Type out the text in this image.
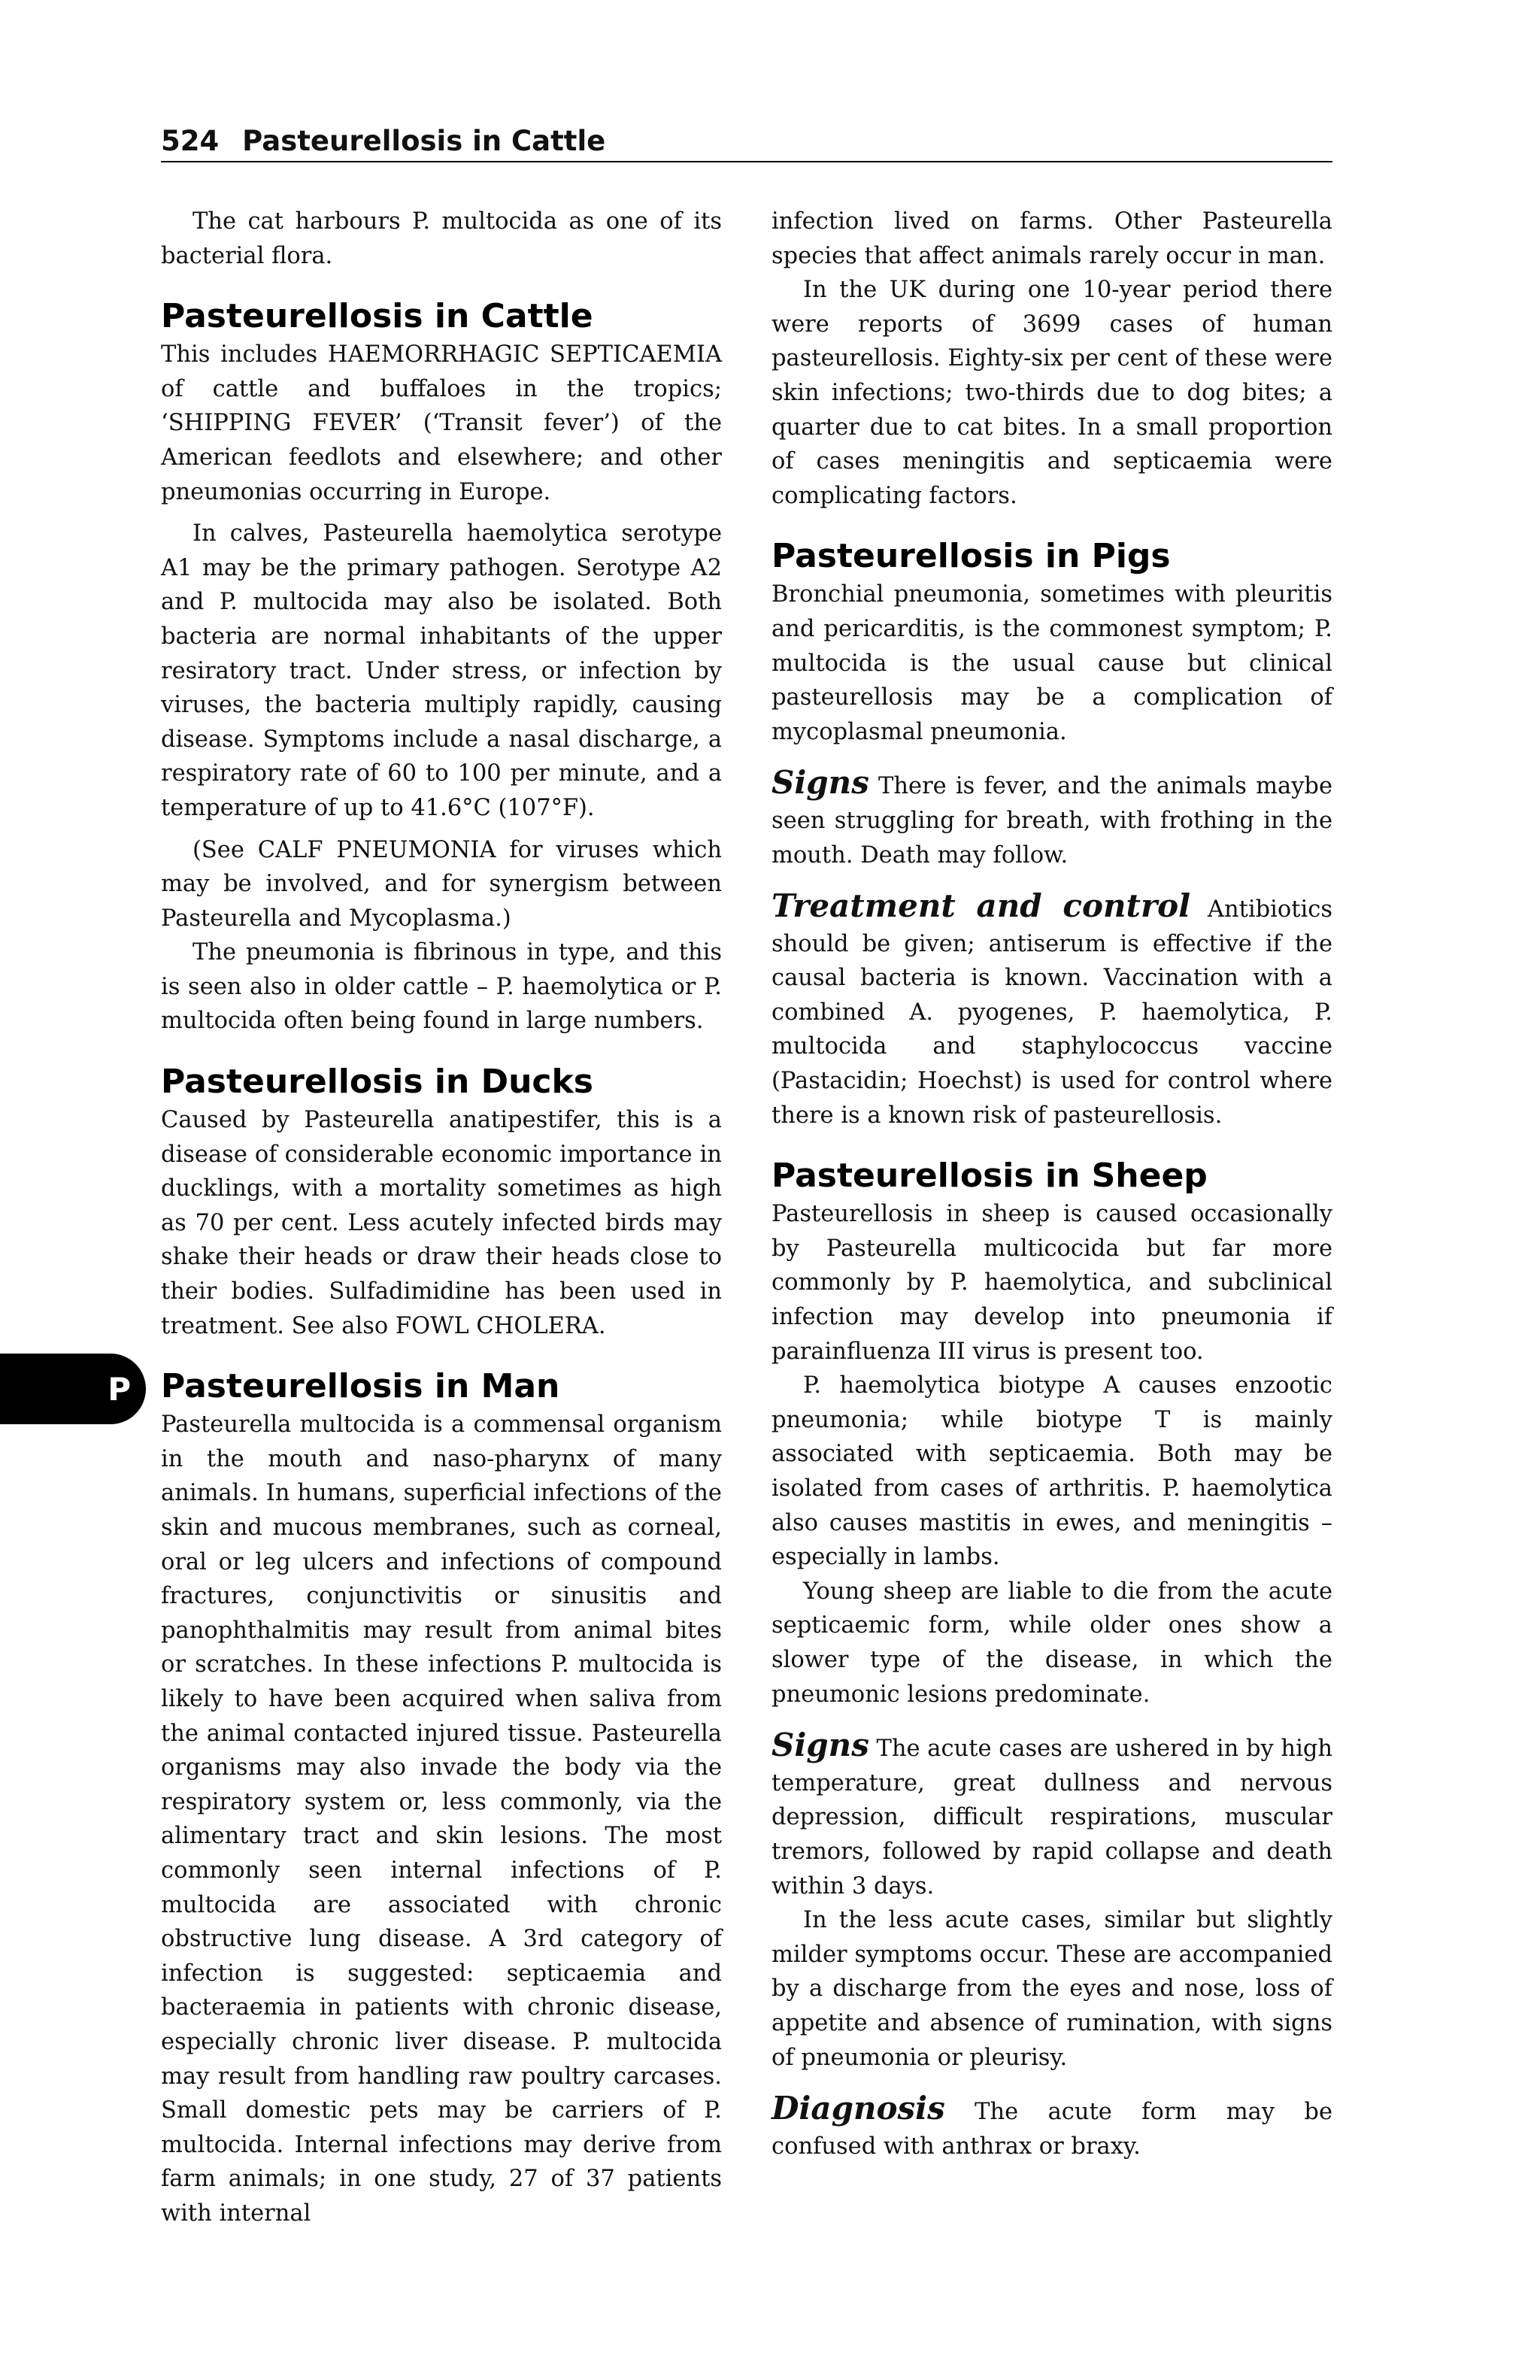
524 Pasteurellosis in Cattle
P

The cat harbours P. multocida as one of its bacterial flora.

Pasteurellosis in Cattle

This includes HAEMORRHAGIC SEPTICAEMIA of cattle and buffaloes in the tropics; ‘SHIPPING FEVER’ (‘Transit fever’) of the American feedlots and elsewhere; and other pneumonias occurring in Europe.

In calves, Pasteurella haemolytica serotype A1 may be the primary pathogen. Serotype A2 and P. multocida may also be isolated. Both bacteria are normal inhabitants of the upper resiratory tract. Under stress, or infection by viruses, the bacteria multiply rapidly, causing disease. Symptoms include a nasal discharge, a respiratory rate of 60 to 100 per minute, and a temperature of up to 41.6°C (107°F).

(See CALF PNEUMONIA for viruses which may be involved, and for synergism between Pasteurella and Mycoplasma.)

The pneumonia is fibrinous in type, and this is seen also in older cattle – P. haemolytica or P. multocida often being found in large numbers.

Pasteurellosis in Ducks

Caused by Pasteurella anatipestifer, this is a disease of considerable economic importance in ducklings, with a mortality sometimes as high as 70 per cent. Less acutely infected birds may shake their heads or draw their heads close to their bodies. Sulfadimidine has been used in treatment. See also FOWL CHOLERA.

Pasteurellosis in Man

Pasteurella multocida is a commensal organism in the mouth and naso-pharynx of many animals. In humans, superficial infections of the skin and mucous membranes, such as corneal, oral or leg ulcers and infections of compound fractures, conjunctivitis or sinusitis and panophthalmitis may result from animal bites or scratches. In these infections P. multocida is likely to have been acquired when saliva from the animal contacted injured tissue. Pasteurella organisms may also invade the body via the respiratory system or, less commonly, via the alimentary tract and skin lesions. The most commonly seen internal infections of P. multocida are associated with chronic obstructive lung disease. A 3rd category of infection is suggested: septicaemia and bacteraemia in patients with chronic disease, especially chronic liver disease. P. multocida may result from handling raw poultry carcases. Small domestic pets may be carriers of P. multocida. Internal infections may derive from farm animals; in one study, 27 of 37 patients with internal

infection lived on farms. Other Pasteurella species that affect animals rarely occur in man.

In the UK during one 10-year period there were reports of 3699 cases of human pasteurellosis. Eighty-six per cent of these were skin infections; two-thirds due to dog bites; a quarter due to cat bites. In a small proportion of cases meningitis and septicaemia were complicating factors.

Pasteurellosis in Pigs

Bronchial pneumonia, sometimes with pleuritis and pericarditis, is the commonest symptom; P. multocida is the usual cause but clinical pasteurellosis may be a complication of mycoplasmal pneumonia.

Signs There is fever, and the animals maybe seen struggling for breath, with frothing in the mouth. Death may follow.

Treatment and control Antibiotics should be given; antiserum is effective if the causal bacteria is known. Vaccination with a combined A. pyogenes, P. haemolytica, P. multocida and staphylococcus vaccine (Pastacidin; Hoechst) is used for control where there is a known risk of pasteurellosis.

Pasteurellosis in Sheep

Pasteurellosis in sheep is caused occasionally by Pasteurella multicocida but far more commonly by P. haemolytica, and subclinical infection may develop into pneumonia if parainfluenza III virus is present too.

P. haemolytica biotype A causes enzootic pneumonia; while biotype T is mainly associated with septicaemia. Both may be isolated from cases of arthritis. P. haemolytica also causes mastitis in ewes, and meningitis – especially in lambs.

Young sheep are liable to die from the acute septicaemic form, while older ones show a slower type of the disease, in which the pneumonic lesions predominate.

Signs The acute cases are ushered in by high temperature, great dullness and nervous depression, difficult respirations, muscular tremors, followed by rapid collapse and death within 3 days.

In the less acute cases, similar but slightly milder symptoms occur. These are accompanied by a discharge from the eyes and nose, loss of appetite and absence of rumination, with signs of pneumonia or pleurisy.

Diagnosis The acute form may be confused with anthrax or braxy.
